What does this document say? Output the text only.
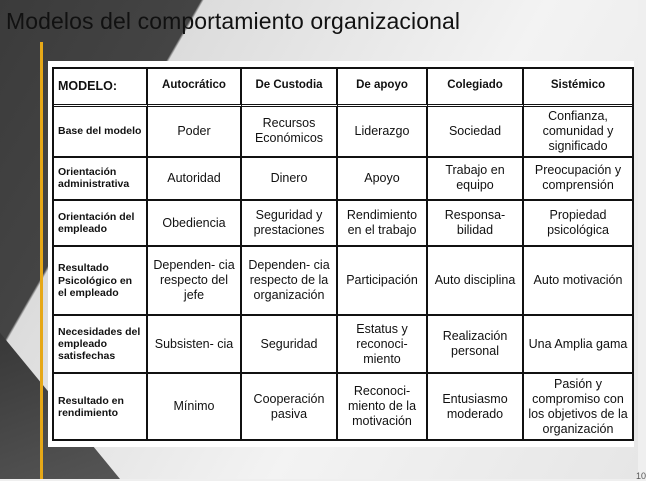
Modelos del comportamiento organizacional
MODELO:	Autocrático	De Custodia	De apoyo	Colegiado	Sistémico
Base del modelo	Poder	Recursos Económicos	Liderazgo	Sociedad	Confianza, comunidad y significado
Orientación administrativa	Autoridad	Dinero	Apoyo	Trabajo en equipo	Preocupación y comprensión
Orientación del empleado	Obediencia	Seguridad y prestaciones	Rendimiento en el trabajo	Responsa- bilidad	Propiedad psicológica
Resultado Psicológico en el empleado	Dependen- cia respecto del jefe	Dependen- cia respecto de la organización	Participación	Auto disciplina	Auto motivación
Necesidades del empleado satisfechas	Subsisten- cia	Seguridad	Estatus y reconoci- miento	Realización personal	Una Amplia gama
Resultado en rendimiento	Mínimo	Cooperación pasiva	Reconoci- miento de la motivación	Entusiasmo moderado	Pasión y compromiso con los objetivos de la organización
10
